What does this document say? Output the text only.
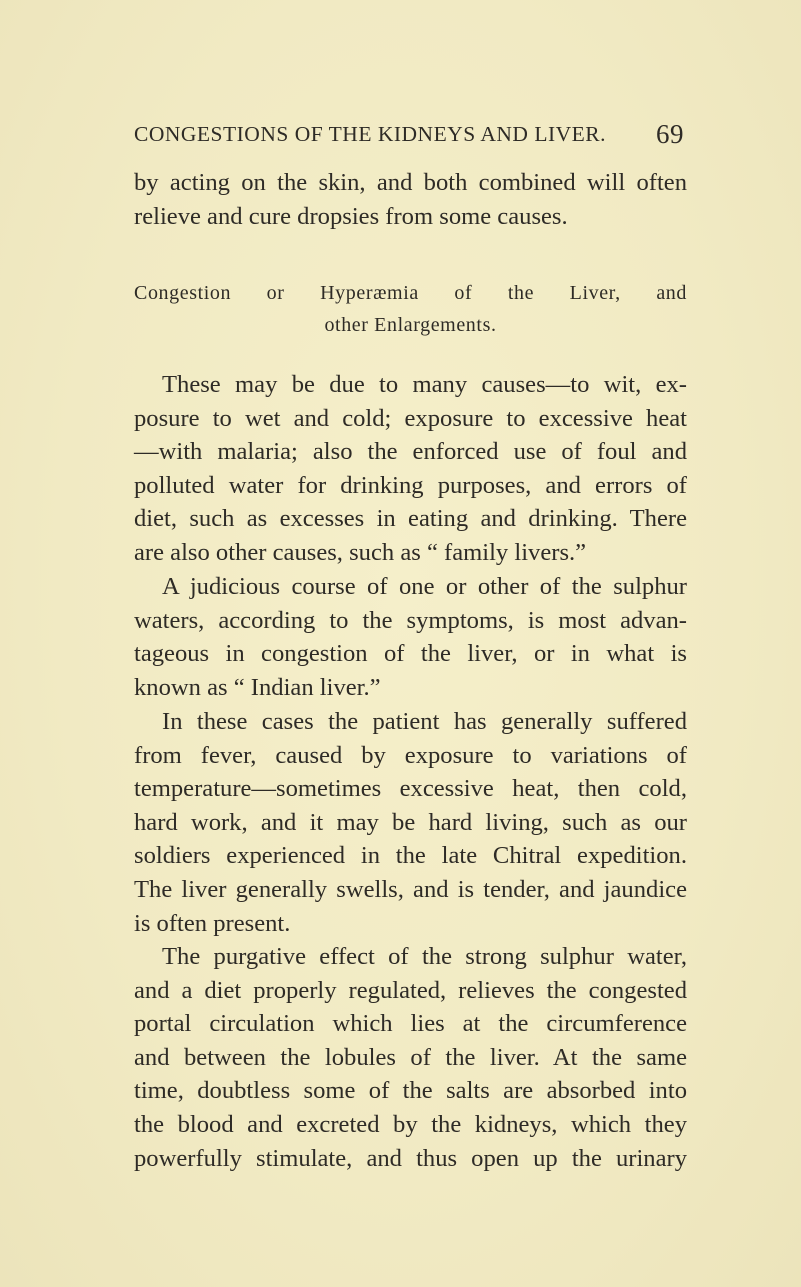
CONGESTIONS OF THE KIDNEYS AND LIVER. 69
by acting on the skin, and both combined will often
relieve and cure dropsies from some causes.
Congestion or Hyperæmia of the Liver, and
other Enlargements.
These may be due to many causes—to wit, ex-
posure to wet and cold; exposure to excessive heat
—with malaria; also the enforced use of foul and
polluted water for drinking purposes, and errors of
diet, such as excesses in eating and drinking. There
are also other causes, such as “ family livers.”
A judicious course of one or other of the sulphur
waters, according to the symptoms, is most advan-
tageous in congestion of the liver, or in what is
known as “ Indian liver.”
In these cases the patient has generally suffered
from fever, caused by exposure to variations of
temperature—sometimes excessive heat, then cold,
hard work, and it may be hard living, such as our
soldiers experienced in the late Chitral expedition.
The liver generally swells, and is tender, and jaundice
is often present.
The purgative effect of the strong sulphur water,
and a diet properly regulated, relieves the congested
portal circulation which lies at the circumference
and between the lobules of the liver. At the same
time, doubtless some of the salts are absorbed into
the blood and excreted by the kidneys, which they
powerfully stimulate, and thus open up the urinary
